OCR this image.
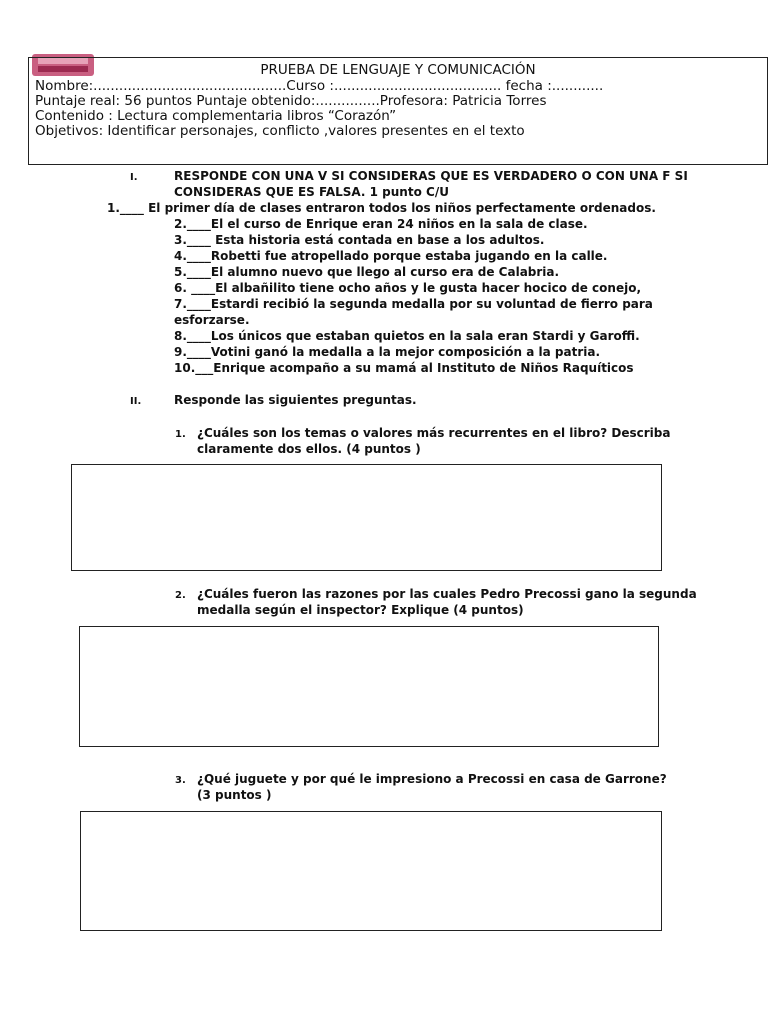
PRUEBA DE LENGUAJE Y COMUNICACIÓN
Nombre:.............................................Curso :....................................... fecha :............
Puntaje real: 56 puntos Puntaje obtenido:...............Profesora: Patricia Torres
Contenido : Lectura complementaria libros “Corazón”
Objetivos: Identificar personajes, conflicto ,valores presentes en el texto
I.	RESPONDE CON UNA V SI CONSIDERAS QUE ES VERDADERO O CON UNA F SI
CONSIDERAS QUE ES FALSA. 1 punto C/U
1.____ El primer día de clases entraron todos los niños perfectamente ordenados.
2.____El el curso de Enrique eran 24 niños en la sala de clase.
3.____ Esta historia está contada en base a los adultos.
4.____Robetti fue atropellado porque estaba jugando en la calle.
5.____El alumno nuevo que llego al curso era de Calabria.
6. ____El albañilito tiene ocho años y le gusta hacer hocico de conejo,
7.____Estardi recibió la segunda medalla por su voluntad de fierro para
esforzarse.
8.____Los únicos que estaban quietos en la sala eran Stardi y Garoffi.
9.____Votini ganó la medalla a la mejor composición a la patria.
10.___Enrique acompaño a su mamá al Instituto de Niños Raquíticos
II.	Responde las siguientes preguntas.
1. ¿Cuáles son los temas o valores más recurrentes en el libro? Describa
claramente dos ellos. (4 puntos )
2. ¿Cuáles fueron las razones por las cuales Pedro Precossi gano la segunda
medalla según el inspector? Explique (4 puntos)
3. ¿Qué juguete y por qué le impresiono a Precossi en casa de Garrone?
(3 puntos )
